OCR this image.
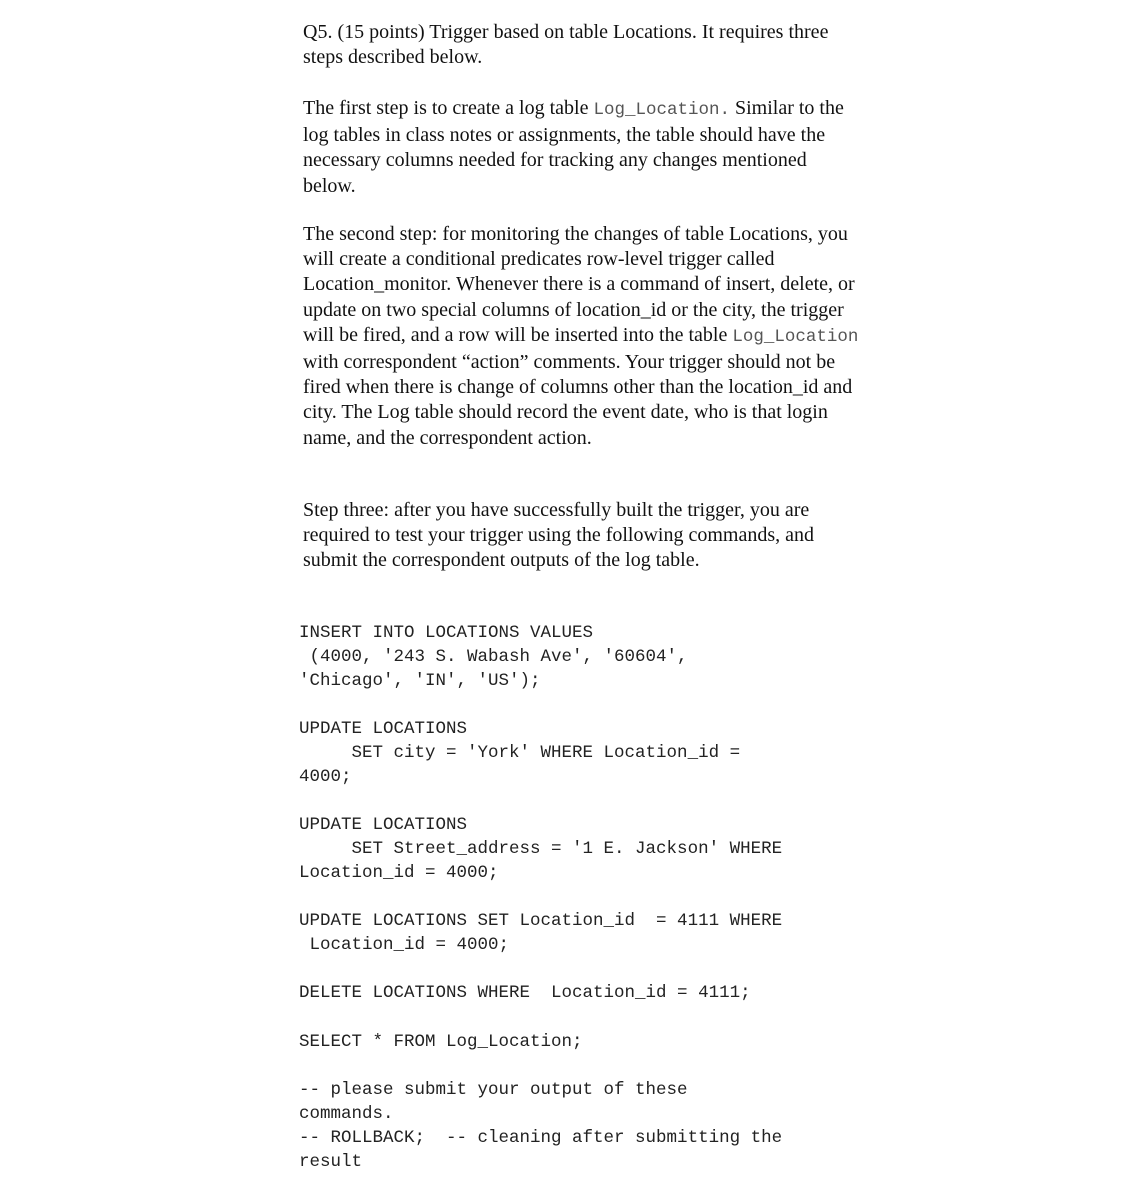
Q5. (15 points) Trigger based on table Locations. It requires three steps described below.

The first step is to create a log table Log_Location. Similar to the log tables in class notes or assignments, the table should have the necessary columns needed for tracking any changes mentioned below.

The second step: for monitoring the changes of table Locations, you will create a conditional predicates row-level trigger called Location_monitor. Whenever there is a command of insert, delete, or update on two special columns of location_id or the city, the trigger will be fired, and a row will be inserted into the table Log_Location with correspondent “action” comments. Your trigger should not be fired when there is change of columns other than the location_id and city. The Log table should record the event date, who is that login name, and the correspondent action.

Step three: after you have successfully built the trigger, you are required to test your trigger using the following commands, and submit the correspondent outputs of the log table.

INSERT INTO LOCATIONS VALUES
(4000, '243 S. Wabash Ave', '60604',
'Chicago', 'IN', 'US');
UPDATE LOCATIONS
SET city = 'York' WHERE Location_id =
4000;
UPDATE LOCATIONS
SET Street_address = '1 E. Jackson' WHERE
Location_id = 4000;
UPDATE LOCATIONS SET Location_id  = 4111 WHERE
Location_id = 4000;
DELETE LOCATIONS WHERE  Location_id = 4111;
SELECT * FROM Log_Location;
-- please submit your output of these
commands.
-- ROLLBACK;  -- cleaning after submitting the
result
